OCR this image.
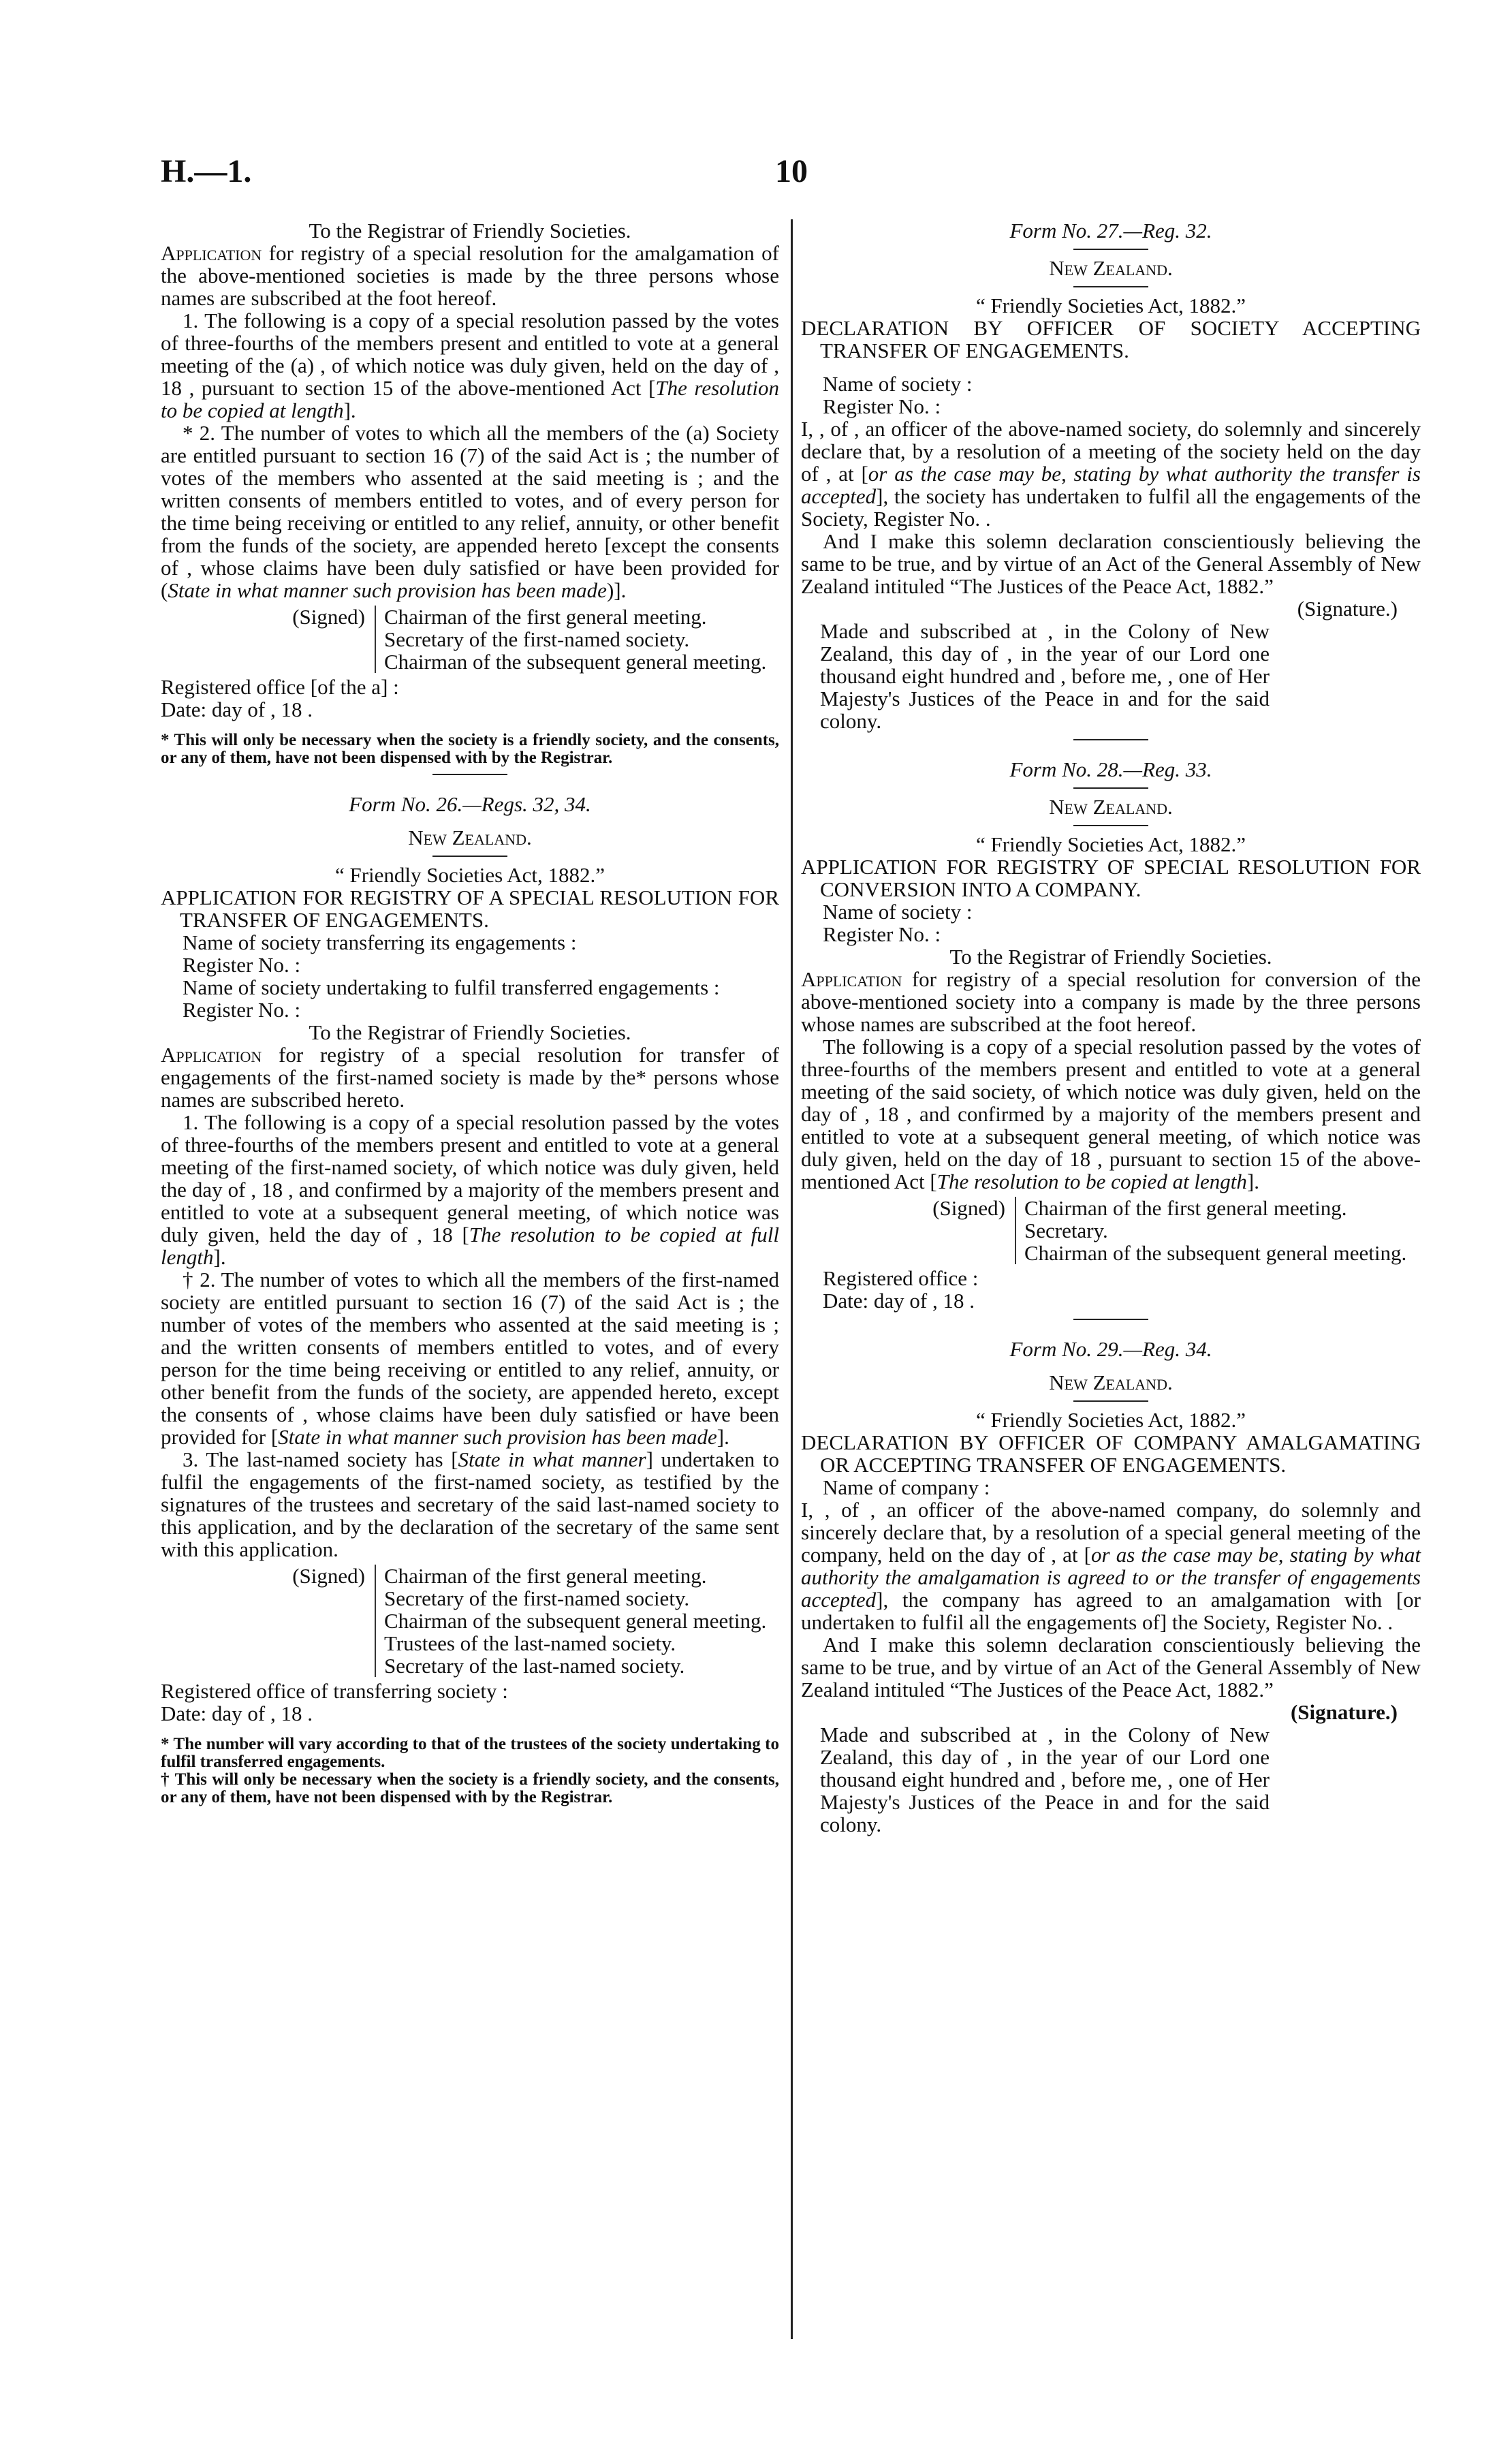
H.—1.	10

To the Registrar of Friendly Societies.

Application for registry of a special resolution for the amalgamation of the above-mentioned societies is made by the three persons whose names are subscribed at the foot hereof.

1. The following is a copy of a special resolution passed by the votes of three-fourths of the members present and entitled to vote at a general meeting of the (a) , of which notice was duly given, held on the day of , 18 , pursuant to section 15 of the above-mentioned Act [The resolution to be copied at length].

* 2. The number of votes to which all the members of the (a) Society are entitled pursuant to section 16 (7) of the said Act is ; the number of votes of the members who assented at the said meeting is ; and the written consents of members entitled to votes, and of every person for the time being receiving or entitled to any relief, annuity, or other benefit from the funds of the society, are appended hereto [except the consents of , whose claims have been duly satisfied or have been provided for (State in what manner such provision has been made)].

(Signed) Chairman of the first general meeting.
Secretary of the first-named society.
Chairman of the subsequent general meeting.

Registered office [of the a] :

Date: day of , 18 .

* This will only be necessary when the society is a friendly society, and the consents, or any of them, have not been dispensed with by the Registrar.

Form No. 26.—Regs. 32, 34.

New Zealand.

“ Friendly Societies Act, 1882.”

APPLICATION FOR REGISTRY OF A SPECIAL RESOLUTION FOR TRANSFER OF ENGAGEMENTS.

Name of society transferring its engagements :

Register No. :

Name of society undertaking to fulfil transferred engagements :

Register No. :

To the Registrar of Friendly Societies.

Application for registry of a special resolution for transfer of engagements of the first-named society is made by the* persons whose names are subscribed hereto.

1. The following is a copy of a special resolution passed by the votes of three-fourths of the members present and entitled to vote at a general meeting of the first-named society, of which notice was duly given, held the day of , 18 , and confirmed by a majority of the members present and entitled to vote at a subsequent general meeting, of which notice was duly given, held the day of , 18 [The resolution to be copied at full length].

† 2. The number of votes to which all the members of the first-named society are entitled pursuant to section 16 (7) of the said Act is ; the number of votes of the members who assented at the said meeting is ; and the written consents of members entitled to votes, and of every person for the time being receiving or entitled to any relief, annuity, or other benefit from the funds of the society, are appended hereto, except the consents of , whose claims have been duly satisfied or have been provided for [State in what manner such provision has been made].

3. The last-named society has [State in what manner] undertaken to fulfil the engagements of the first-named society, as testified by the signatures of the trustees and secretary of the said last-named society to this application, and by the declaration of the secretary of the same sent with this application.

(Signed) Chairman of the first general meeting.
Secretary of the first-named society.
Chairman of the subsequent general meeting.
Trustees of the last-named society.
Secretary of the last-named society.

Registered office of transferring society :

Date: day of , 18 .

* The number will vary according to that of the trustees of the society undertaking to fulfil transferred engagements.

† This will only be necessary when the society is a friendly society, and the consents, or any of them, have not been dispensed with by the Registrar.

Form No. 27.—Reg. 32.

New Zealand.

“ Friendly Societies Act, 1882.”

DECLARATION BY OFFICER OF SOCIETY ACCEPTING TRANSFER OF ENGAGEMENTS.

Name of society :

Register No. :

I, , of , an officer of the above-named society, do solemnly and sincerely declare that, by a resolution of a meeting of the society held on the day of , at [or as the case may be, stating by what authority the transfer is accepted], the society has undertaken to fulfil all the engagements of the Society, Register No. .

And I make this solemn declaration conscientiously believing the same to be true, and by virtue of an Act of the General Assembly of New Zealand intituled “The Justices of the Peace Act, 1882.”

(Signature.)

Made and subscribed at , in the Colony of New Zealand, this day of , in the year of our Lord one thousand eight hundred and , before me, , one of Her Majesty's Justices of the Peace in and for the said colony.

Form No. 28.—Reg. 33.

New Zealand.

“ Friendly Societies Act, 1882.”

APPLICATION FOR REGISTRY OF SPECIAL RESOLUTION FOR CONVERSION INTO A COMPANY.

Name of society :

Register No. :

To the Registrar of Friendly Societies.

Application for registry of a special resolution for conversion of the above-mentioned society into a company is made by the three persons whose names are subscribed at the foot hereof.

The following is a copy of a special resolution passed by the votes of three-fourths of the members present and entitled to vote at a general meeting of the said society, of which notice was duly given, held on the day of , 18 , and confirmed by a majority of the members present and entitled to vote at a subsequent general meeting, of which notice was duly given, held on the day of 18 , pursuant to section 15 of the above-mentioned Act [The resolution to be copied at length].

(Signed) Chairman of the first general meeting.
Secretary.
Chairman of the subsequent general meeting.

Registered office :

Date: day of , 18 .

Form No. 29.—Reg. 34.

New Zealand.

“ Friendly Societies Act, 1882.”

DECLARATION BY OFFICER OF COMPANY AMALGAMATING OR ACCEPTING TRANSFER OF ENGAGEMENTS.

Name of company :

I, , of , an officer of the above-named company, do solemnly and sincerely declare that, by a resolution of a special general meeting of the company, held on the day of , at [or as the case may be, stating by what authority the amalgamation is agreed to or the transfer of engagements accepted], the company has agreed to an amalgamation with [or undertaken to fulfil all the engagements of] the Society, Register No. .

And I make this solemn declaration conscientiously believing the same to be true, and by virtue of an Act of the General Assembly of New Zealand intituled “The Justices of the Peace Act, 1882.”

(Signature.)

Made and subscribed at , in the Colony of New Zealand, this day of , in the year of our Lord one thousand eight hundred and , before me, , one of Her Majesty's Justices of the Peace in and for the said colony.
